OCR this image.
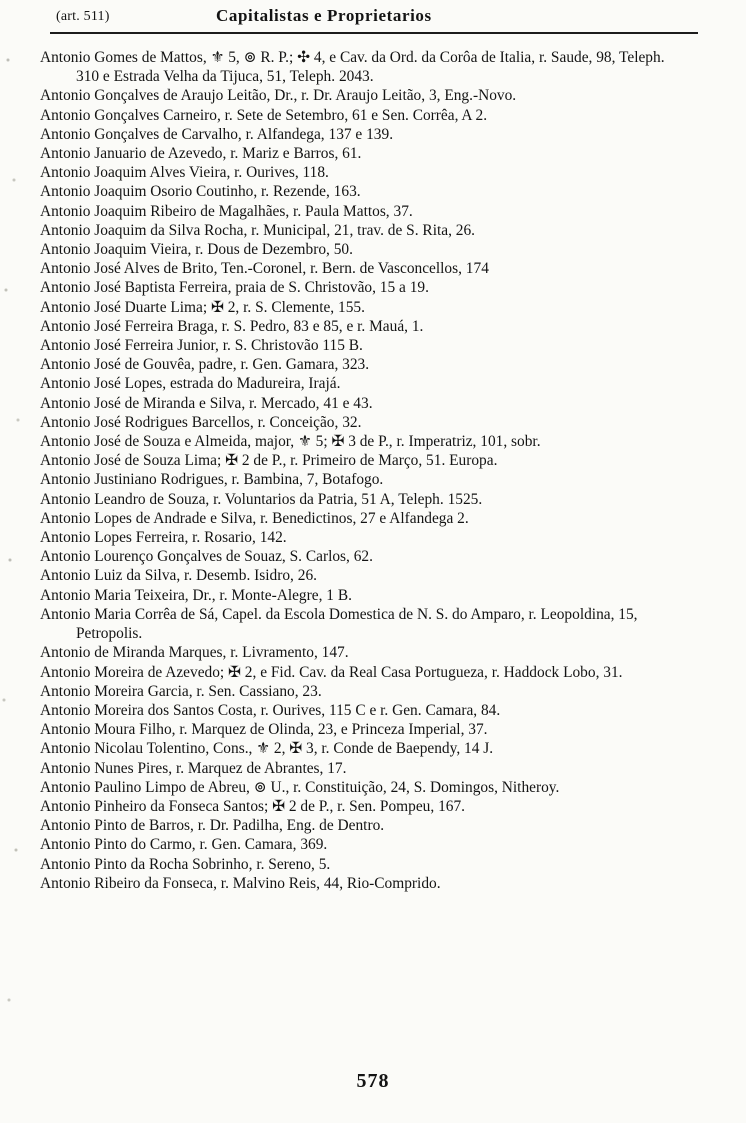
(art. 511)	Capitalistas e Proprietarios

Antonio Gomes de Mattos, ⚜ 5, ⊚ R. P.; ✣ 4, e Cav. da Ord. da Corôa de Italia, r. Saude, 98, Teleph. 310 e Estrada Velha da Tijuca, 51, Teleph. 2043.

Antonio Gonçalves de Araujo Leitão, Dr., r. Dr. Araujo Leitão, 3, Eng.-Novo.

Antonio Gonçalves Carneiro, r. Sete de Setembro, 61 e Sen. Corrêa, A 2.

Antonio Gonçalves de Carvalho, r. Alfandega, 137 e 139.

Antonio Januario de Azevedo, r. Mariz e Barros, 61.

Antonio Joaquim Alves Vieira, r. Ourives, 118.

Antonio Joaquim Osorio Coutinho, r. Rezende, 163.

Antonio Joaquim Ribeiro de Magalhães, r. Paula Mattos, 37.

Antonio Joaquim da Silva Rocha, r. Municipal, 21, trav. de S. Rita, 26.

Antonio Joaquim Vieira, r. Dous de Dezembro, 50.

Antonio José Alves de Brito, Ten.-Coronel, r. Bern. de Vasconcellos, 174

Antonio José Baptista Ferreira, praia de S. Christovão, 15 a 19.

Antonio José Duarte Lima; ✠ 2, r. S. Clemente, 155.

Antonio José Ferreira Braga, r. S. Pedro, 83 e 85, e r. Mauá, 1.

Antonio José Ferreira Junior, r. S. Christovão 115 B.

Antonio José de Gouvêa, padre, r. Gen. Gamara, 323.

Antonio José Lopes, estrada do Madureira, Irajá.

Antonio José de Miranda e Silva, r. Mercado, 41 e 43.

Antonio José Rodrigues Barcellos, r. Conceição, 32.

Antonio José de Souza e Almeida, major, ⚜ 5; ✠ 3 de P., r. Imperatriz, 101, sobr.

Antonio José de Souza Lima; ✠ 2 de P., r. Primeiro de Março, 51. Europa.

Antonio Justiniano Rodrigues, r. Bambina, 7, Botafogo.

Antonio Leandro de Souza, r. Voluntarios da Patria, 51 A, Teleph. 1525.

Antonio Lopes de Andrade e Silva, r. Benedictinos, 27 e Alfandega 2.

Antonio Lopes Ferreira, r. Rosario, 142.

Antonio Lourenço Gonçalves de Souaz, S. Carlos, 62.

Antonio Luiz da Silva, r. Desemb. Isidro, 26.

Antonio Maria Teixeira, Dr., r. Monte-Alegre, 1 B.

Antonio Maria Corrêa de Sá, Capel. da Escola Domestica de N. S. do Amparo, r. Leopoldina, 15, Petropolis.

Antonio de Miranda Marques, r. Livramento, 147.

Antonio Moreira de Azevedo; ✠ 2, e Fid. Cav. da Real Casa Portugueza, r. Haddock Lobo, 31.

Antonio Moreira Garcia, r. Sen. Cassiano, 23.

Antonio Moreira dos Santos Costa, r. Ourives, 115 C e r. Gen. Camara, 84.

Antonio Moura Filho, r. Marquez de Olinda, 23, e Princeza Imperial, 37.

Antonio Nicolau Tolentino, Cons., ⚜ 2, ✠ 3, r. Conde de Baependy, 14 J.

Antonio Nunes Pires, r. Marquez de Abrantes, 17.

Antonio Paulino Limpo de Abreu, ⊚ U., r. Constituição, 24, S. Domingos, Nitheroy.

Antonio Pinheiro da Fonseca Santos; ✠ 2 de P., r. Sen. Pompeu, 167.

Antonio Pinto de Barros, r. Dr. Padilha, Eng. de Dentro.

Antonio Pinto do Carmo, r. Gen. Camara, 369.

Antonio Pinto da Rocha Sobrinho, r. Sereno, 5.

Antonio Ribeiro da Fonseca, r. Malvino Reis, 44, Rio-Comprido.

578
